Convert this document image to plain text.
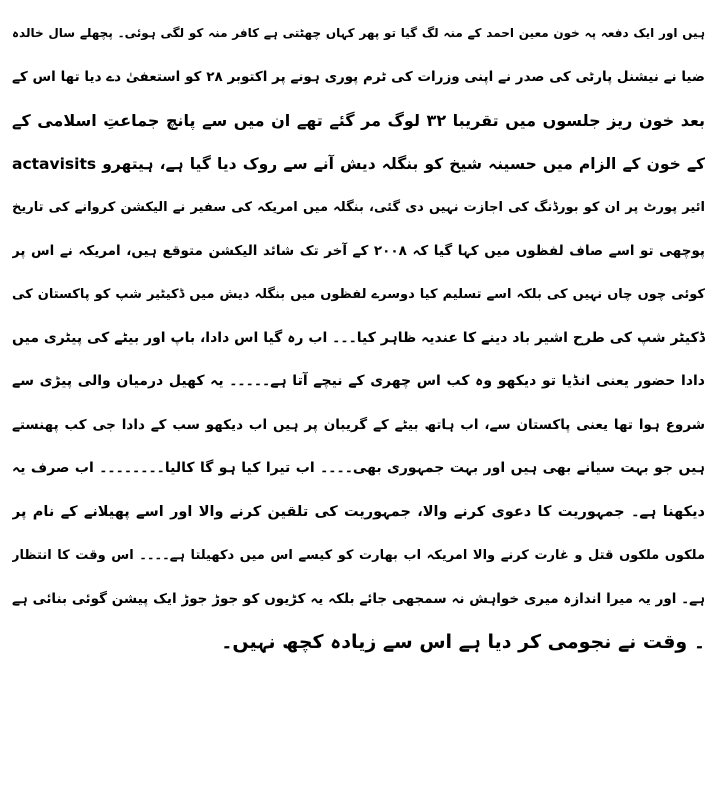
ہیں اور ایک دفعہ پہ خون معین احمد کے منہ لگ گیا تو پھر کہاں چھٹتی ہے کافر منہ کو لگی ہوئی۔ پچھلے سال خالدہ
ضیا نے نیشنل پارٹی کی صدر نے اپنی وزرات کی ٹرم پوری ہونے پر اکتوبر ۲۸ کو استعفیٰ دے دیا تھا اس کے
بعد خون ریز جلسوں میں تقریبا ۳۲ لوگ مر گئے تھے ان میں سے پانچ جماعتِ اسلامی کے
actavisits کے خون کے الزام میں حسینہ شیخ کو بنگلہ دیش آنے سے روک دیا گیا ہے، ہیتھرو
ائیر پورٹ پر ان کو بورڈنگ کی اجازت نہیں دی گئی، بنگلہ میں امریکہ کی سفیر نے الیکشن کروانے کی تاریخ
پوچھی تو اسے صاف لفظوں میں کہا گیا کہ ۲۰۰۸ کے آخر تک شائد الیکشن متوقع ہیں، امریکہ نے اس پر
کوئی چوں چاں نہیں کی بلکہ اسے تسلیم کیا دوسرے لفظوں میں بنگلہ دیش میں ڈکیٹیر شپ کو پاکستان کی
ڈکیٹر شپ کی طرح اشیر باد دینے کا عندیہ ظاہر کیا۔۔۔ اب رہ گیا اس دادا، باپ اور بیٹے کی پیٹری میں
دادا حضور یعنی انڈیا تو دیکھو وہ کب اس چھری کے نیچے آتا ہے۔۔۔۔۔ یہ کھیل درمیان والی پیڑی سے
شروع ہوا تھا یعنی پاکستان سے، اب ہاتھ بیٹے کے گریبان پر ہیں اب دیکھو سب کے دادا جی کب پھنستے
ہیں جو بہت سیانے بھی ہیں اور بہت جمہوری بھی۔۔۔۔ اب تیرا کیا ہو گا کالیا۔۔۔۔۔۔۔۔ اب صرف یہ
دیکھنا ہے۔ جمہوریت کا دعوی کرنے والا، جمہوریت کی تلقین کرنے والا اور اسے پھیلانے کے نام پر
ملکوں ملکوں قتل و غارت کرنے والا امریکہ اب بھارت کو کیسے اس میں دکھیلتا ہے۔۔۔۔ اس وقت کا انتظار
ہے۔ اور یہ میرا اندازہ میری خواہش نہ سمجھی جائے بلکہ یہ کڑیوں کو جوڑ جوڑ ایک پیشن گوئی بنائی ہے
۔ وقت نے نجومی کر دیا ہے اس سے زیادہ کچھ نہیں۔
